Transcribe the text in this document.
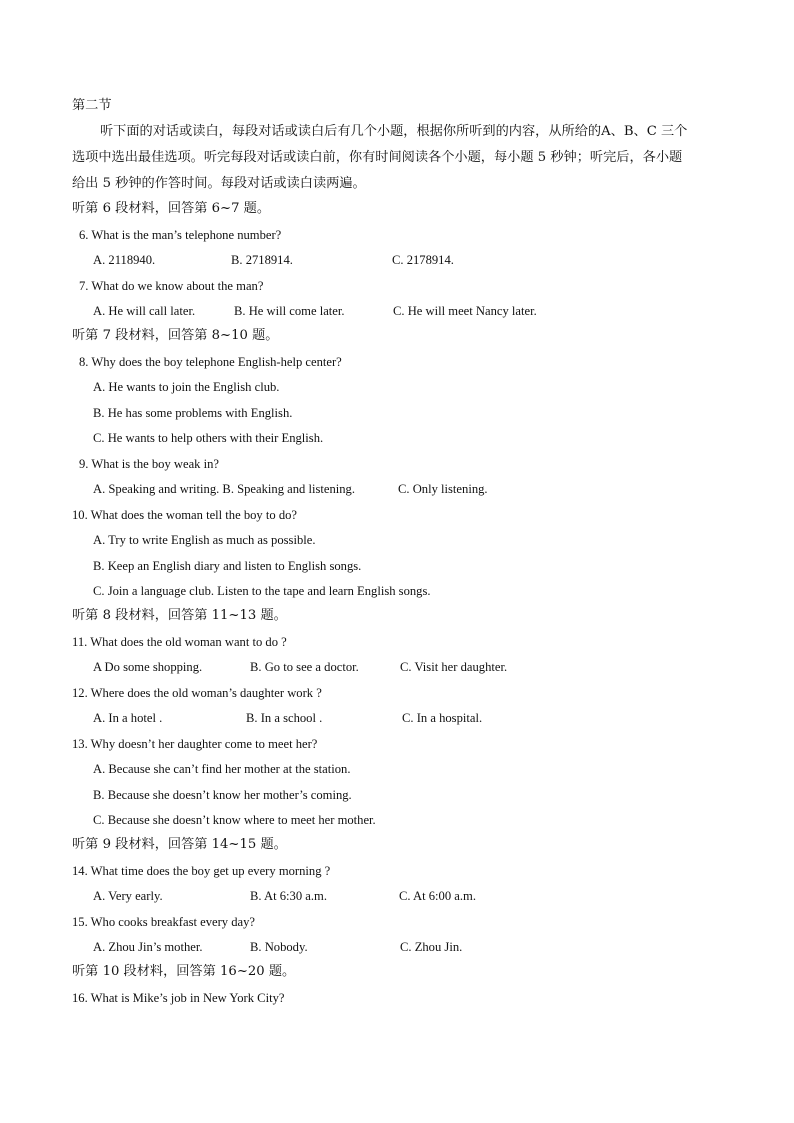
第二节
听下面的对话或读白，每段对话或读白后有几个小题，根据你所听到的内容，从所给的A、B、C 三个
选项中选出最佳选项。听完每段对话或读白前，你有时间阅读各个小题，每小题 5 秒钟；听完后，各小题
给出 5 秒钟的作答时间。每段对话或读白读两遍。
听第 6 段材料，回答第 6~7 题。
6. What is the man’s telephone number?
A. 2118940.	B. 2718914.	C. 2178914.
7. What do we know about the man?
A. He will call later.	B. He will come later.	C. He will meet Nancy later.
听第 7 段材料，回答第 8~10 题。
8. Why does the boy telephone English-help center?
A. He wants to join the English club.
B. He has some problems with English.
C. He wants to help others with their English.
9. What is the boy weak in?
A. Speaking and writing. B. Speaking and listening.	C. Only listening.
10. What does the woman tell the boy to do?
A. Try to write English as much as possible.
B. Keep an English diary and listen to English songs.
C. Join a language club. Listen to the tape and learn English songs.
听第 8 段材料，回答第 11~13 题。
11. What does the old woman want to do ?
A Do some shopping.	B. Go to see a doctor.	C. Visit her daughter.
12. Where does the old woman’s daughter work ?
A. In a hotel .	B. In a school .	C. In a hospital.
13. Why doesn’t her daughter come to meet her?
A. Because she can’t find her mother at the station.
B. Because she doesn’t know her mother’s coming.
C. Because she doesn’t know where to meet her mother.
听第 9 段材料，回答第 14~15 题。
14. What time does the boy get up every morning ?
A. Very early.	B. At 6:30 a.m.	C. At 6:00 a.m.
15. Who cooks breakfast every day?
A. Zhou Jin’s mother.	B. Nobody.	C. Zhou Jin.
听第 10 段材料，回答第 16~20 题。
16. What is Mike’s job in New York City?
